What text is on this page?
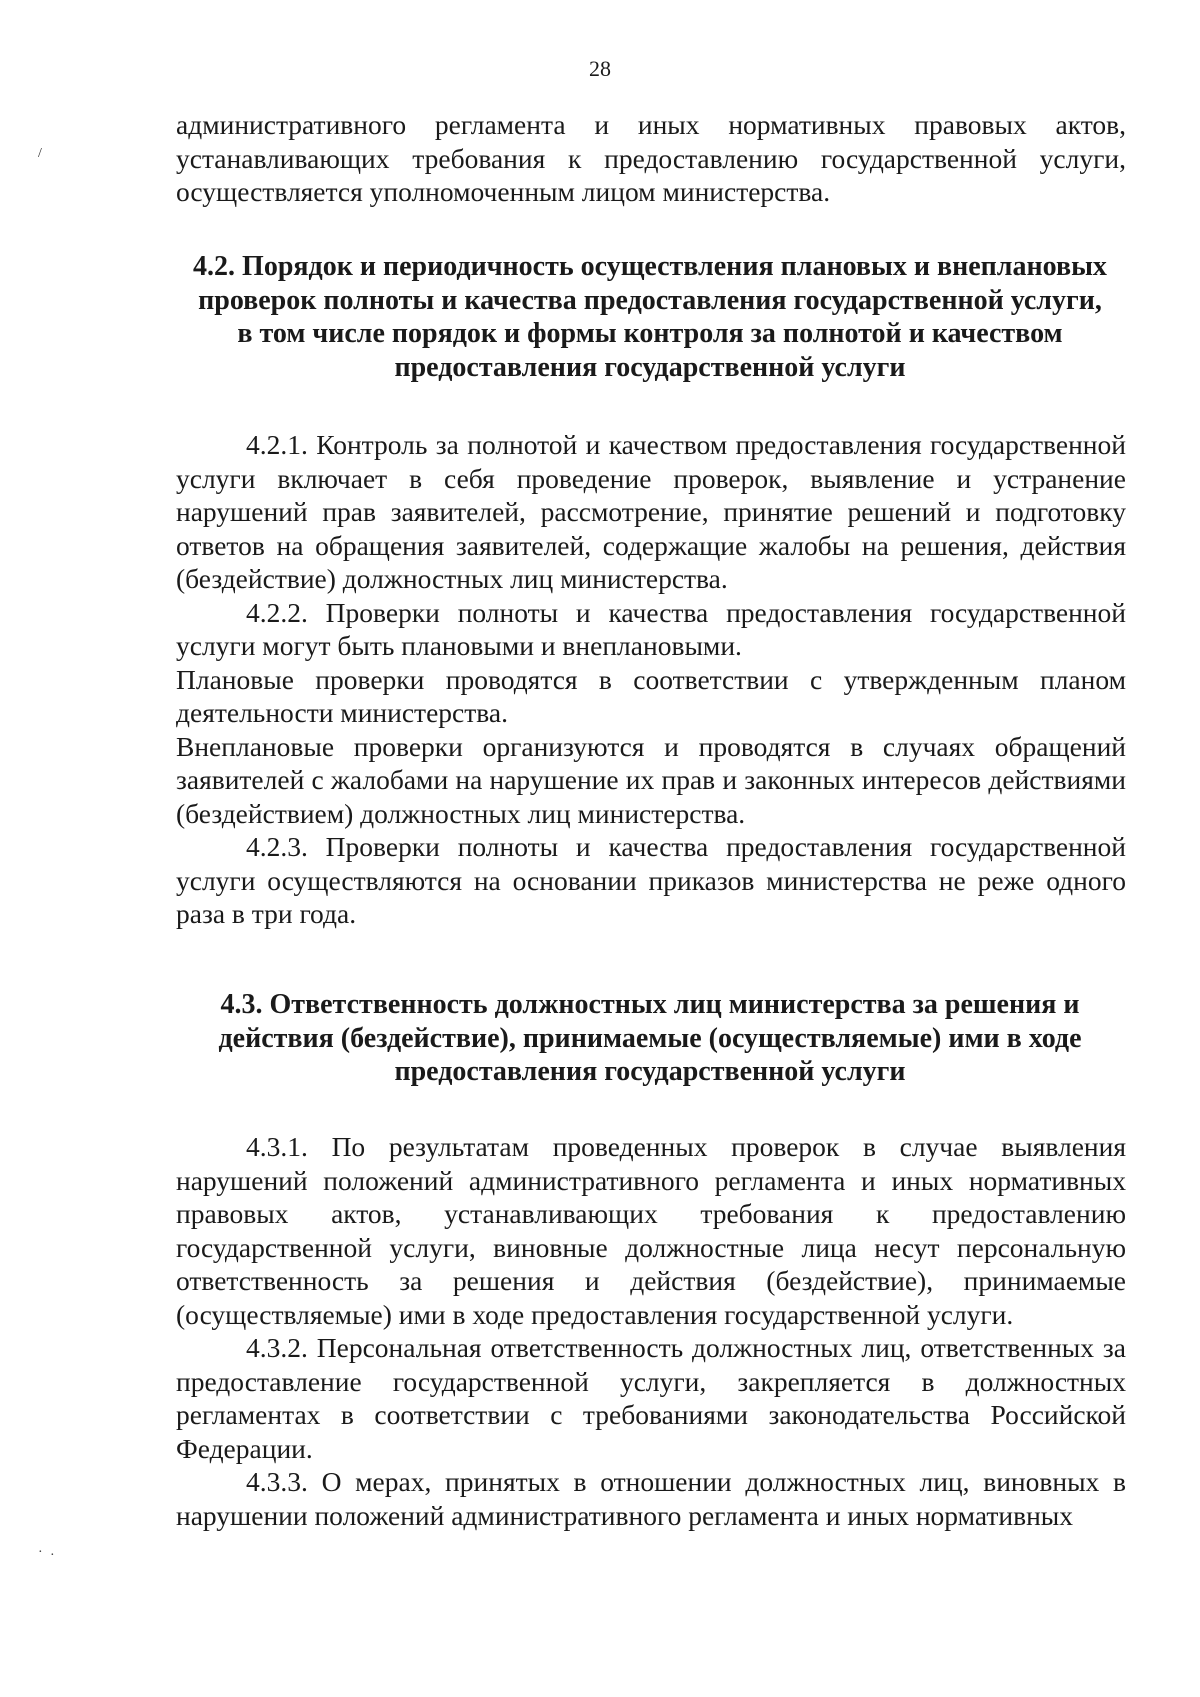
28
/
· ·

административного регламента и иных нормативных правовых актов, устанавливающих требования к предоставлению государственной услуги, осуществляется уполномоченным лицом министерства.

4.2. Порядок и периодичность осуществления плановых и внеплановых проверок полноты и качества предоставления государственной услуги, в том числе порядок и формы контроля за полнотой и качеством предоставления государственной услуги

4.2.1. Контроль за полнотой и качеством предоставления государственной услуги включает в себя проведение проверок, выявление и устранение нарушений прав заявителей, рассмотрение, принятие решений и подготовку ответов на обращения заявителей, содержащие жалобы на решения, действия (бездействие) должностных лиц министерства.

4.2.2. Проверки полноты и качества предоставления государственной услуги могут быть плановыми и внеплановыми.

Плановые проверки проводятся в соответствии с утвержденным планом деятельности министерства.

Внеплановые проверки организуются и проводятся в случаях обращений заявителей с жалобами на нарушение их прав и законных интересов действиями (бездействием) должностных лиц министерства.

4.2.3. Проверки полноты и качества предоставления государственной услуги осуществляются на основании приказов министерства не реже одного раза в три года.

4.3. Ответственность должностных лиц министерства за решения и действия (бездействие), принимаемые (осуществляемые) ими в ходе предоставления государственной услуги

4.3.1. По результатам проведенных проверок в случае выявления нарушений положений административного регламента и иных нормативных правовых актов, устанавливающих требования к предоставлению государственной услуги, виновные должностные лица несут персональную ответственность за решения и действия (бездействие), принимаемые (осуществляемые) ими в ходе предоставления государственной услуги.

4.3.2. Персональная ответственность должностных лиц, ответственных за предоставление государственной услуги, закрепляется в должностных регламентах в соответствии с требованиями законодательства Российской Федерации.

4.3.3. О мерах, принятых в отношении должностных лиц, виновных в нарушении положений административного регламента и иных нормативных
